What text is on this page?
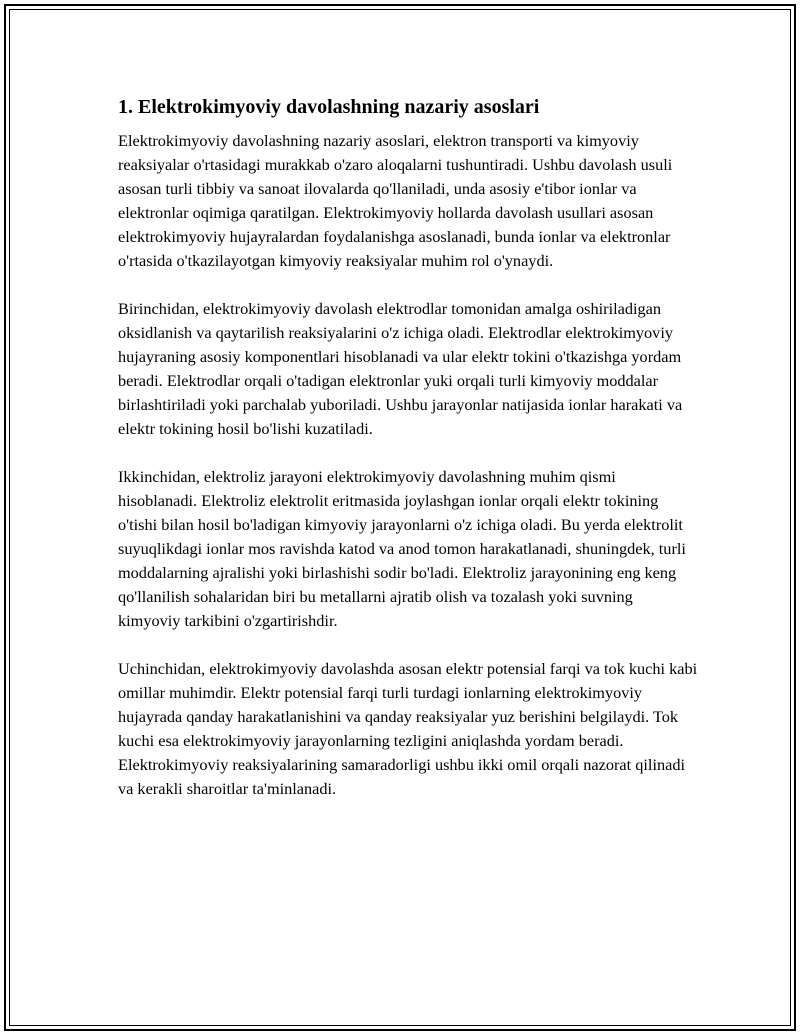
1. Elektrokimyoviy davolashning nazariy asoslari

Elektrokimyoviy davolashning nazariy asoslari, elektron transporti va kimyoviy reaksiyalar o'rtasidagi murakkab o'zaro aloqalarni tushuntiradi. Ushbu davolash usuli asosan turli tibbiy va sanoat ilovalarda qo'llaniladi, unda asosiy e'tibor ionlar va elektronlar oqimiga qaratilgan. Elektrokimyoviy hollarda davolash usullari asosan elektrokimyoviy hujayralardan foydalanishga asoslanadi, bunda ionlar va elektronlar o'rtasida o'tkazilayotgan kimyoviy reaksiyalar muhim rol o'ynaydi.

Birinchidan, elektrokimyoviy davolash elektrodlar tomonidan amalga oshiriladigan oksidlanish va qaytarilish reaksiyalarini o'z ichiga oladi. Elektrodlar elektrokimyoviy hujayraning asosiy komponentlari hisoblanadi va ular elektr tokini o'tkazishga yordam beradi. Elektrodlar orqali o'tadigan elektronlar yuki orqali turli kimyoviy moddalar birlashtiriladi yoki parchalab yuboriladi. Ushbu jarayonlar natijasida ionlar harakati va elektr tokining hosil bo'lishi kuzatiladi.

Ikkinchidan, elektroliz jarayoni elektrokimyoviy davolashning muhim qismi hisoblanadi. Elektroliz elektrolit eritmasida joylashgan ionlar orqali elektr tokining o'tishi bilan hosil bo'ladigan kimyoviy jarayonlarni o'z ichiga oladi. Bu yerda elektrolit suyuqlikdagi ionlar mos ravishda katod va anod tomon harakatlanadi, shuningdek, turli moddalarning ajralishi yoki birlashishi sodir bo'ladi. Elektroliz jarayonining eng keng qo'llanilish sohalaridan biri bu metallarni ajratib olish va tozalash yoki suvning kimyoviy tarkibini o'zgartirishdir.

Uchinchidan, elektrokimyoviy davolashda asosan elektr potensial farqi va tok kuchi kabi omillar muhimdir. Elektr potensial farqi turli turdagi ionlarning elektrokimyoviy hujayrada qanday harakatlanishini va qanday reaksiyalar yuz berishini belgilaydi. Tok kuchi esa elektrokimyoviy jarayonlarning tezligini aniqlashda yordam beradi. Elektrokimyoviy reaksiyalarining samaradorligi ushbu ikki omil orqali nazorat qilinadi va kerakli sharoitlar ta'minlanadi.
